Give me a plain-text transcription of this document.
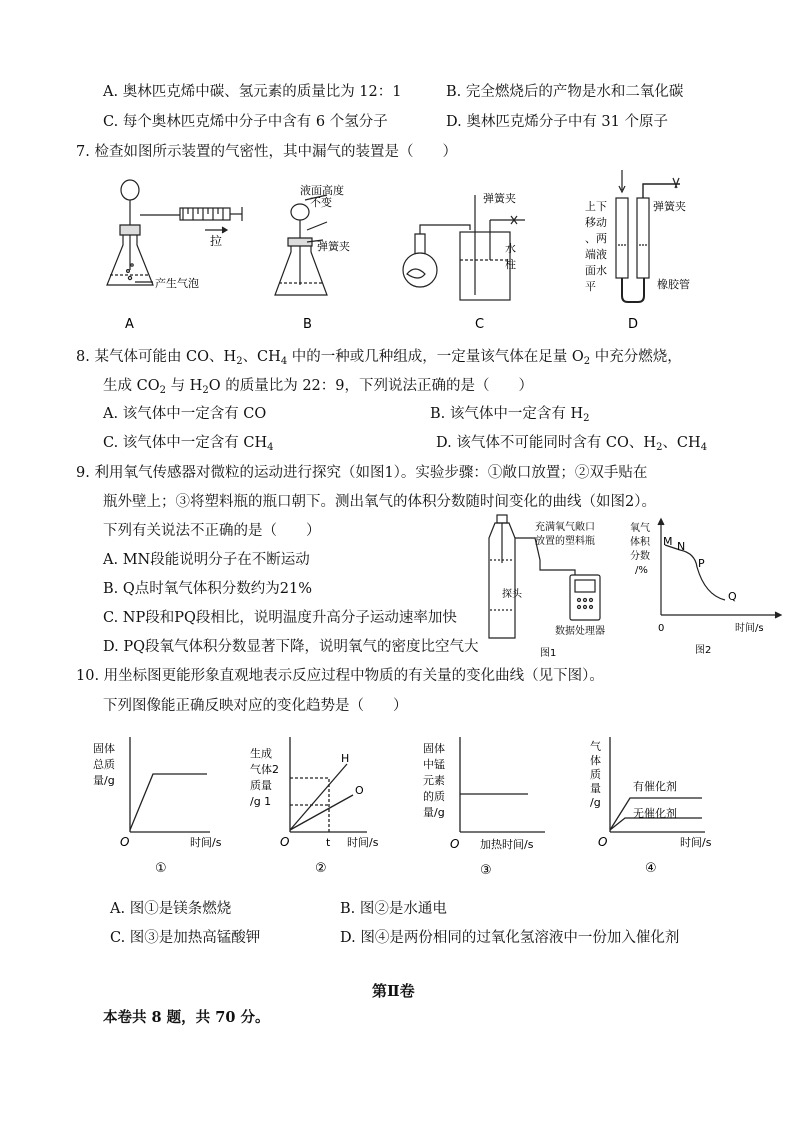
A. 奥林匹克烯中碳、氢元素的质量比为 12：1	B. 完全燃烧后的产物是水和二氧化碳
C. 每个奥林匹克烯中分子中含有 6 个氢分子	D. 奥林匹克烯分子中有 31 个原子
7. 检查如图所示装置的气密性，其中漏气的装置是（　　）
拉
产生气泡
液面高度
不变
弹簧夹
弹簧夹
水
柱
上下 移动 、两 端液 面水 平
弹簧夹
橡胶管
A	B	C	D
8. 某气体可能由 CO、$H_2$、$CH_4$ 中的一种或几种组成，一定量该气体在足量 $O_2$ 中充分燃烧，
生成 $CO_2$ 与 $H_2O$ 的质量比为 22：9，下列说法正确的是（　　）
A. 该气体中一定含有 CO	B. 该气体中一定含有 $H_2$
C. 该气体中一定含有 $CH_4$	D. 该气体不可能同时含有 CO、$H_2$、$CH_4$
9. 利用氧气传感器对微粒的运动进行探究（如图1）。实验步骤：①敞口放置；②双手贴在
瓶外壁上；③将塑料瓶的瓶口朝下。测出氧气的体积分数随时间变化的曲线（如图2）。
下列有关说法不正确的是（　　）
A. MN段能说明分子在不断运动
B. Q点时氧气体积分数约为21%
C. NP段和PQ段相比，说明温度升高分子运动速率加快
D. PQ段氧气体积分数显著下降，说明氧气的密度比空气大
充满氧气敞口
放置的塑料瓶
探头
数据处理器
图1
氧气
体积
分数
/%
M N
P
Q
0	时间/s
图2
10. 用坐标图更能形象直观地表示反应过程中物质的有关量的变化曲线（见下图）。
下列图像能正确反映对应的变化趋势是（　　）
固体
总质
量/g
O	时间/s
①
生成
气体2
质量
/g 1
H
O
t
O	时间/s
②
固体 中锰 元素 的质 量/g
O 加热时间/s
③
气 体 质 量 /g
有催化剂
无催化剂
O	时间/s
④
A. 图①是镁条燃烧	B. 图②是水通电
C. 图③是加热高锰酸钾	D. 图④是两份相同的过氧化氢溶液中一份加入催化剂
第Ⅱ卷
本卷共 8 题，共 70 分。
